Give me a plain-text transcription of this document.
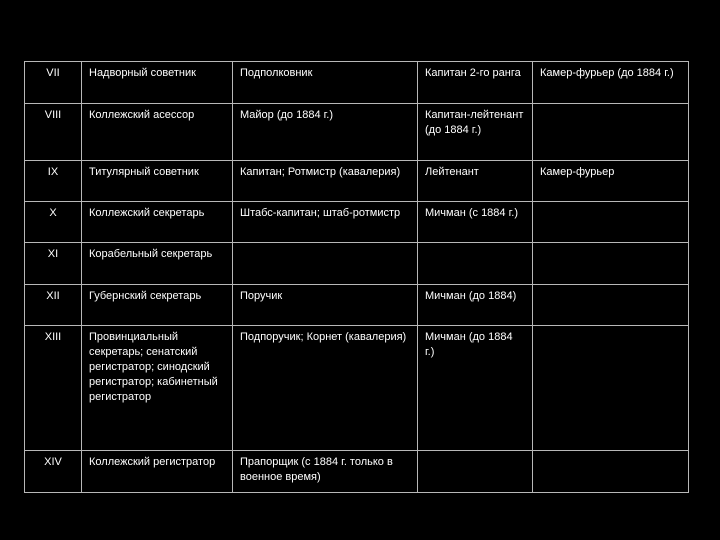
VII	Надворный советник	Подполковник	Капитан 2-го ранга	Камер-фурьер (до 1884 г.)
VIII	Коллежский асессор	Майор (до 1884 г.)	Капитан-лейтенант (до 1884 г.)	
IX	Титулярный советник	Капитан; Ротмистр (кавалерия)	Лейтенант	Камер-фурьер
X	Коллежский секретарь	Штабс-капитан; штаб-ротмистр	Мичман (с 1884 г.)	
XI	Корабельный секретарь			
XII	Губернский секретарь	Поручик	Мичман (до 1884)	
XIII	Провинциальный секретарь; сенатский регистратор; синодский регистратор; кабинетный регистратор	Подпоручик; Корнет (кавалерия)	Мичман (до 1884 г.)	
XIV	Коллежский регистратор	Прапорщик (с 1884 г. только в военное время)		
